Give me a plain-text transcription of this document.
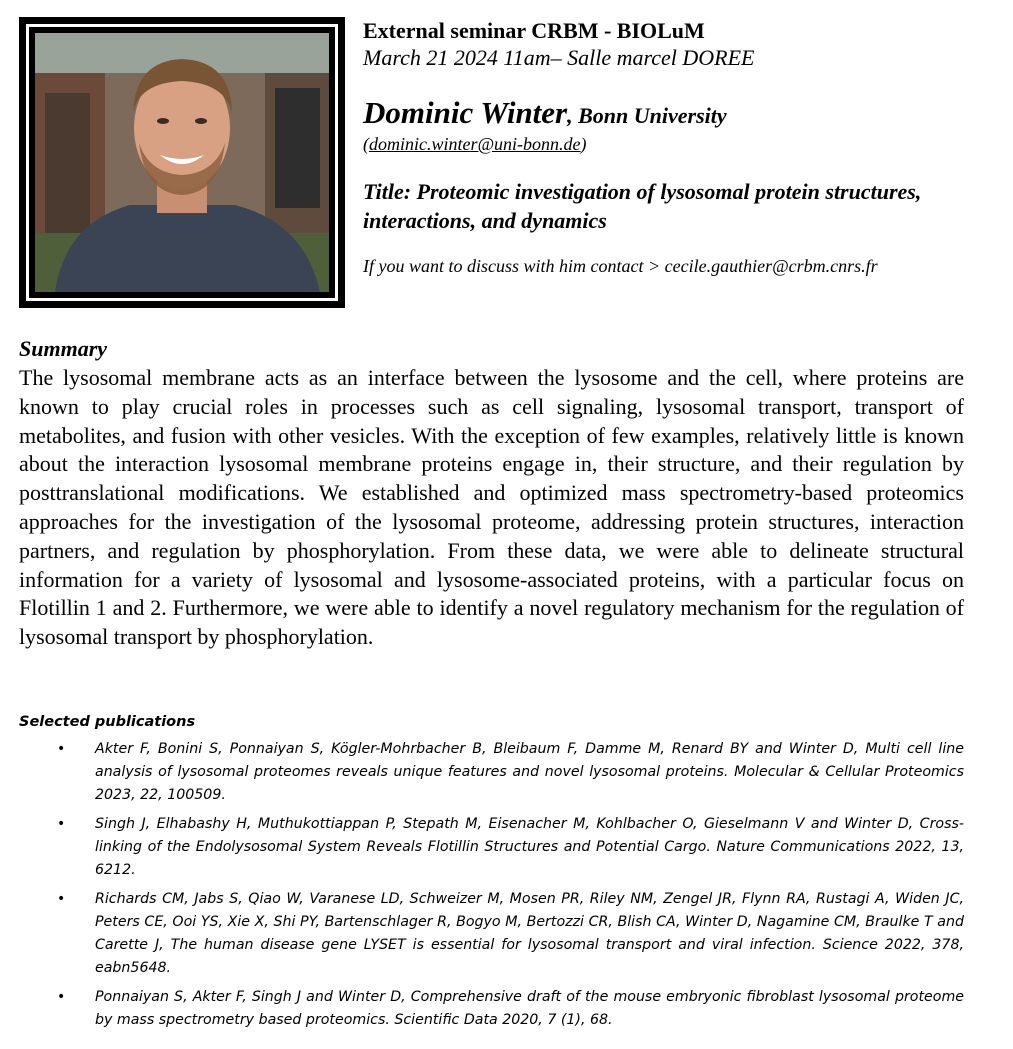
External seminar CRBM - BIOLuM
March 21 2024 11am– Salle marcel DOREE
Dominic Winter, Bonn University
(dominic.winter@uni-bonn.de)
Title: Proteomic investigation of lysosomal protein structures, interactions, and dynamics
If you want to discuss with him contact > cecile.gauthier@crbm.cnrs.fr
Summary
The lysosomal membrane acts as an interface between the lysosome and the cell, where proteins are known to play crucial roles in processes such as cell signaling, lysosomal transport, transport of metabolites, and fusion with other vesicles. With the exception of few examples, relatively little is known about the interaction lysosomal membrane proteins engage in, their structure, and their regulation by posttranslational modifications. We established and optimized mass spectrometry-based proteomics approaches for the investigation of the lysosomal proteome, addressing protein structures, interaction partners, and regulation by phosphorylation. From these data, we were able to delineate structural information for a variety of lysosomal and lysosome-associated proteins, with a particular focus on Flotillin 1 and 2. Furthermore, we were able to identify a novel regulatory mechanism for the regulation of lysosomal transport by phosphorylation.
Selected publications
• Akter F, Bonini S, Ponnaiyan S, Kögler-Mohrbacher B, Bleibaum F, Damme M, Renard BY and Winter D, Multi cell line analysis of lysosomal proteomes reveals unique features and novel lysosomal proteins. Molecular & Cellular Proteomics 2023, 22, 100509.
• Singh J, Elhabashy H, Muthukottiappan P, Stepath M, Eisenacher M, Kohlbacher O, Gieselmann V and Winter D, Cross-linking of the Endolysosomal System Reveals Flotillin Structures and Potential Cargo. Nature Communications 2022, 13, 6212.
• Richards CM, Jabs S, Qiao W, Varanese LD, Schweizer M, Mosen PR, Riley NM, Zengel JR, Flynn RA, Rustagi A, Widen JC, Peters CE, Ooi YS, Xie X, Shi PY, Bartenschlager R, Bogyo M, Bertozzi CR, Blish CA, Winter D, Nagamine CM, Braulke T and Carette J, The human disease gene LYSET is essential for lysosomal transport and viral infection. Science 2022, 378, eabn5648.
• Ponnaiyan S, Akter F, Singh J and Winter D, Comprehensive draft of the mouse embryonic fibroblast lysosomal proteome by mass spectrometry based proteomics. Scientific Data 2020, 7 (1), 68.
